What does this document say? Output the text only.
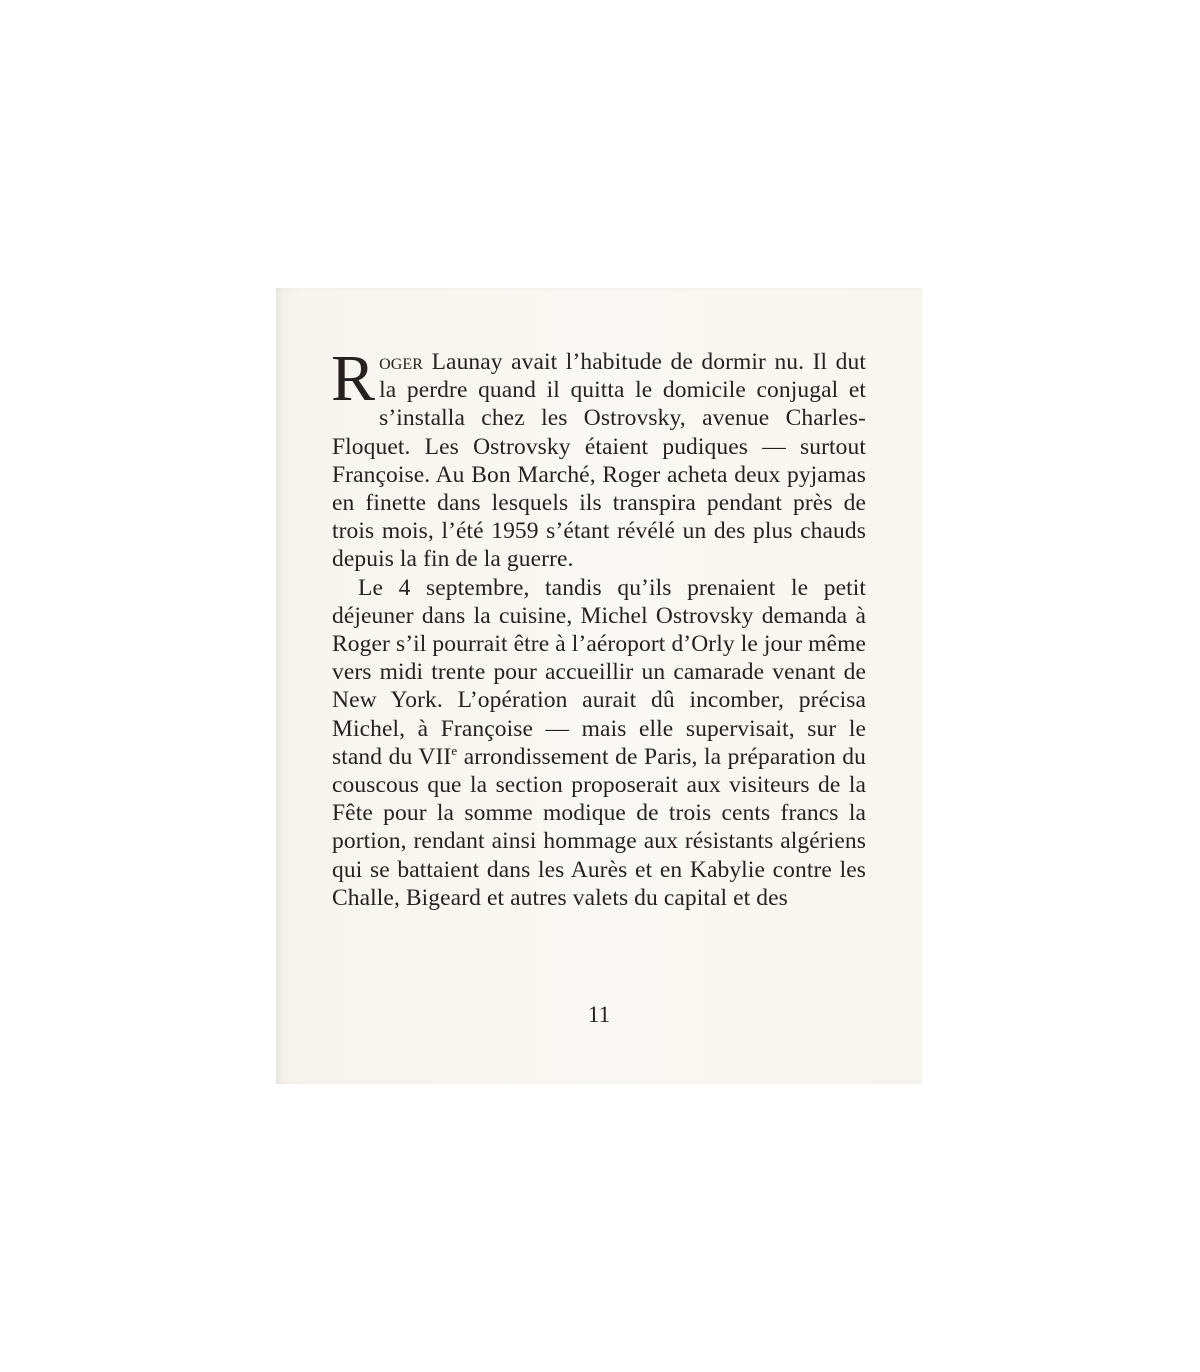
Roger Launay avait l’habitude de dormir nu. Il dut la perdre quand il quitta le domicile conjugal et s’installa chez les Ostrovsky, avenue Charles-Floquet. Les Ostrovsky étaient pudiques — surtout Françoise. Au Bon Marché, Roger acheta deux pyjamas en finette dans lesquels ils transpira pendant près de trois mois, l’été 1959 s’étant révélé un des plus chauds depuis la fin de la guerre.

Le 4 septembre, tandis qu’ils prenaient le petit déjeuner dans la cuisine, Michel Ostrovsky demanda à Roger s’il pourrait être à l’aéroport d’Orly le jour même vers midi trente pour accueillir un camarade venant de New York. L’opération aurait dû incomber, précisa Michel, à Françoise — mais elle supervisait, sur le stand du VIIe arrondissement de Paris, la préparation du couscous que la section proposerait aux visiteurs de la Fête pour la somme modique de trois cents francs la portion, rendant ainsi hommage aux résistants algériens qui se battaient dans les Aurès et en Kabylie contre les Challe, Bigeard et autres valets du capital et des

11
